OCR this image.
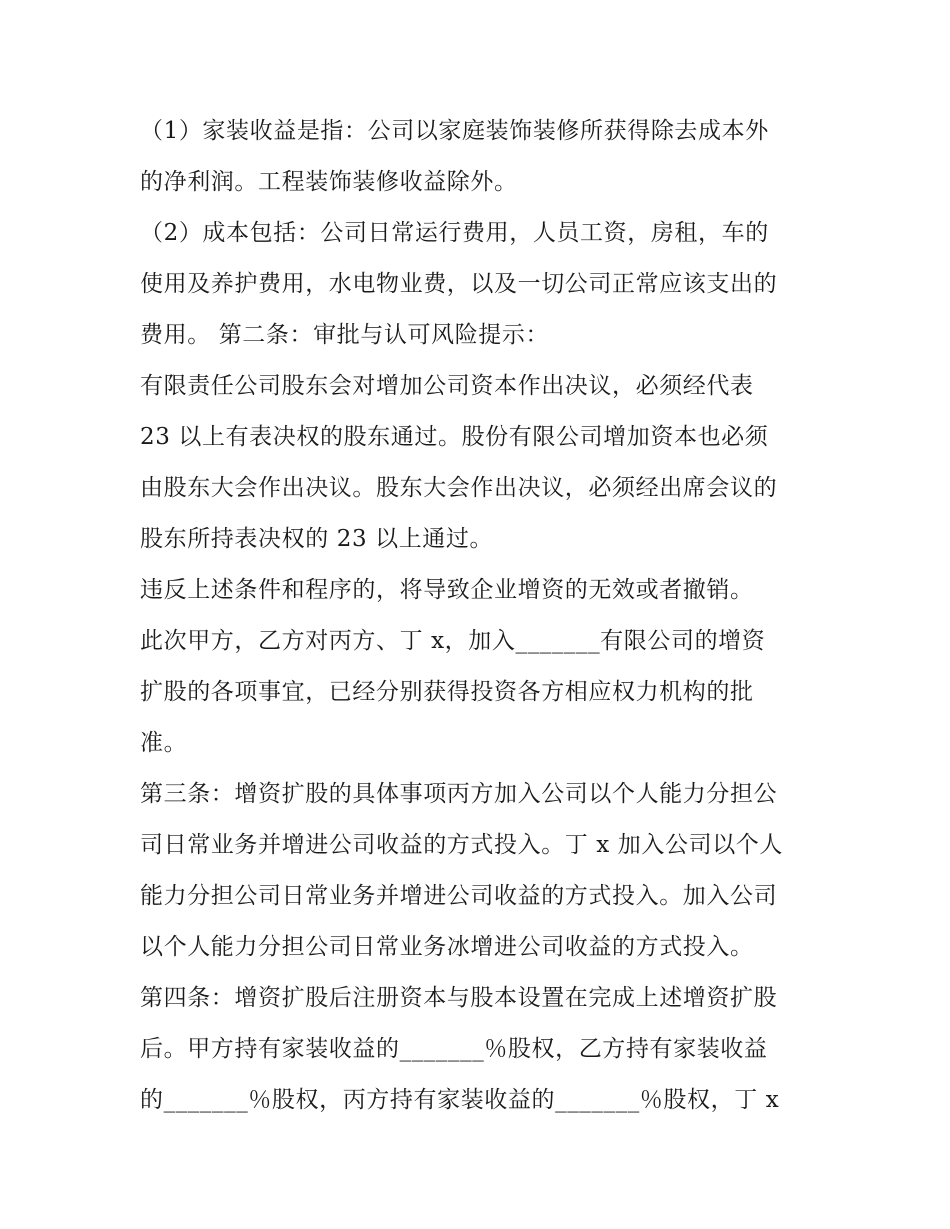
（1）家装收益是指：公司以家庭装饰装修所获得除去成本外
的净利润。工程装饰装修收益除外。
（2）成本包括：公司日常运行费用，人员工资，房租，车的
使用及养护费用，水电物业费，以及一切公司正常应该支出的
费用。 第二条：审批与认可风险提示：
有限责任公司股东会对增加公司资本作出决议，必须经代表
23 以上有表决权的股东通过。股份有限公司增加资本也必须
由股东大会作出决议。股东大会作出决议，必须经出席会议的
股东所持表决权的 23 以上通过。
违反上述条件和程序的，将导致企业增资的无效或者撤销。
此次甲方，乙方对丙方、丁 x，加入_______有限公司的增资
扩股的各项事宜，已经分别获得投资各方相应权力机构的批
准。
第三条：增资扩股的具体事项丙方加入公司以个人能力分担公
司日常业务并增进公司收益的方式投入。丁 x 加入公司以个人
能力分担公司日常业务并增进公司收益的方式投入。加入公司
以个人能力分担公司日常业务冰增进公司收益的方式投入。
第四条：增资扩股后注册资本与股本设置在完成上述增资扩股
后。甲方持有家装收益的_______％股权，乙方持有家装收益
的_______％股权，丙方持有家装收益的_______％股权，丁 x
